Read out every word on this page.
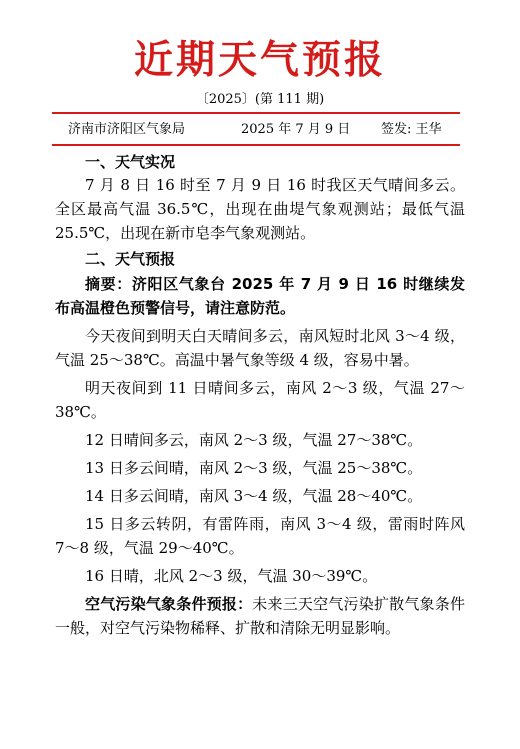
近期天气预报
〔2025〕(第 111 期)
济南市济阳区气象局	2025 年 7 月 9 日 签发: 王华

一、天气实况

7 月 8 日 16 时至 7 月 9 日 16 时我区天气晴间多云。全区最高气温 36.5℃，出现在曲堤气象观测站；最低气温 25.5℃，出现在新市皂李气象观测站。

二、天气预报

摘要：济阳区气象台 2025 年 7 月 9 日 16 时继续发布高温橙色预警信号，请注意防范。

今天夜间到明天白天晴间多云，南风短时北风 3～4 级，气温 25～38℃。高温中暑气象等级 4 级，容易中暑。

明天夜间到 11 日晴间多云，南风 2～3 级，气温 27～38℃。

12 日晴间多云，南风 2～3 级，气温 27～38℃。

13 日多云间晴，南风 2～3 级，气温 25～38℃。

14 日多云间晴，南风 3～4 级，气温 28～40℃。

15 日多云转阴，有雷阵雨，南风 3～4 级，雷雨时阵风 7～8 级，气温 29～40℃。

16 日晴，北风 2～3 级，气温 30～39℃。

空气污染气象条件预报：未来三天空气污染扩散气象条件一般，对空气污染物稀释、扩散和清除无明显影响。
